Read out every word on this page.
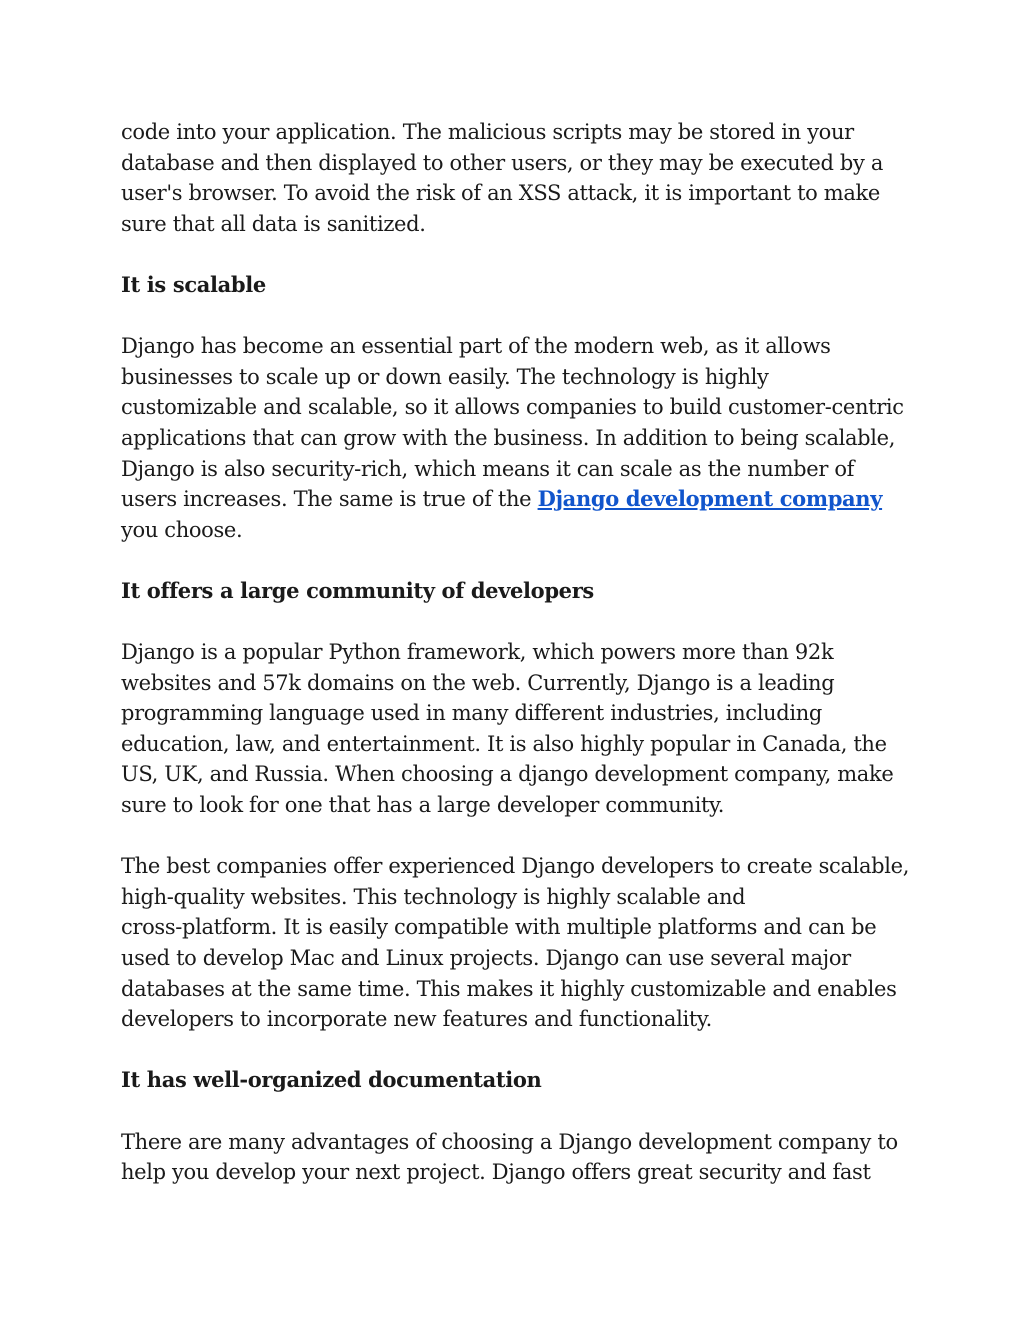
code into your application. The malicious scripts may be stored in your
database and then displayed to other users, or they may be executed by a
user's browser. To avoid the risk of an XSS attack, it is important to make
sure that all data is sanitized.

It is scalable

Django has become an essential part of the modern web, as it allows
businesses to scale up or down easily. The technology is highly
customizable and scalable, so it allows companies to build customer-centric
applications that can grow with the business. In addition to being scalable,
Django is also security-rich, which means it can scale as the number of
users increases. The same is true of the Django development company
you choose.

It offers a large community of developers

Django is a popular Python framework, which powers more than 92k
websites and 57k domains on the web. Currently, Django is a leading
programming language used in many different industries, including
education, law, and entertainment. It is also highly popular in Canada, the
US, UK, and Russia. When choosing a django development company, make
sure to look for one that has a large developer community.

The best companies offer experienced Django developers to create scalable,
high-quality websites. This technology is highly scalable and
cross-platform. It is easily compatible with multiple platforms and can be
used to develop Mac and Linux projects. Django can use several major
databases at the same time. This makes it highly customizable and enables
developers to incorporate new features and functionality.

It has well-organized documentation

There are many advantages of choosing a Django development company to
help you develop your next project. Django offers great security and fast
